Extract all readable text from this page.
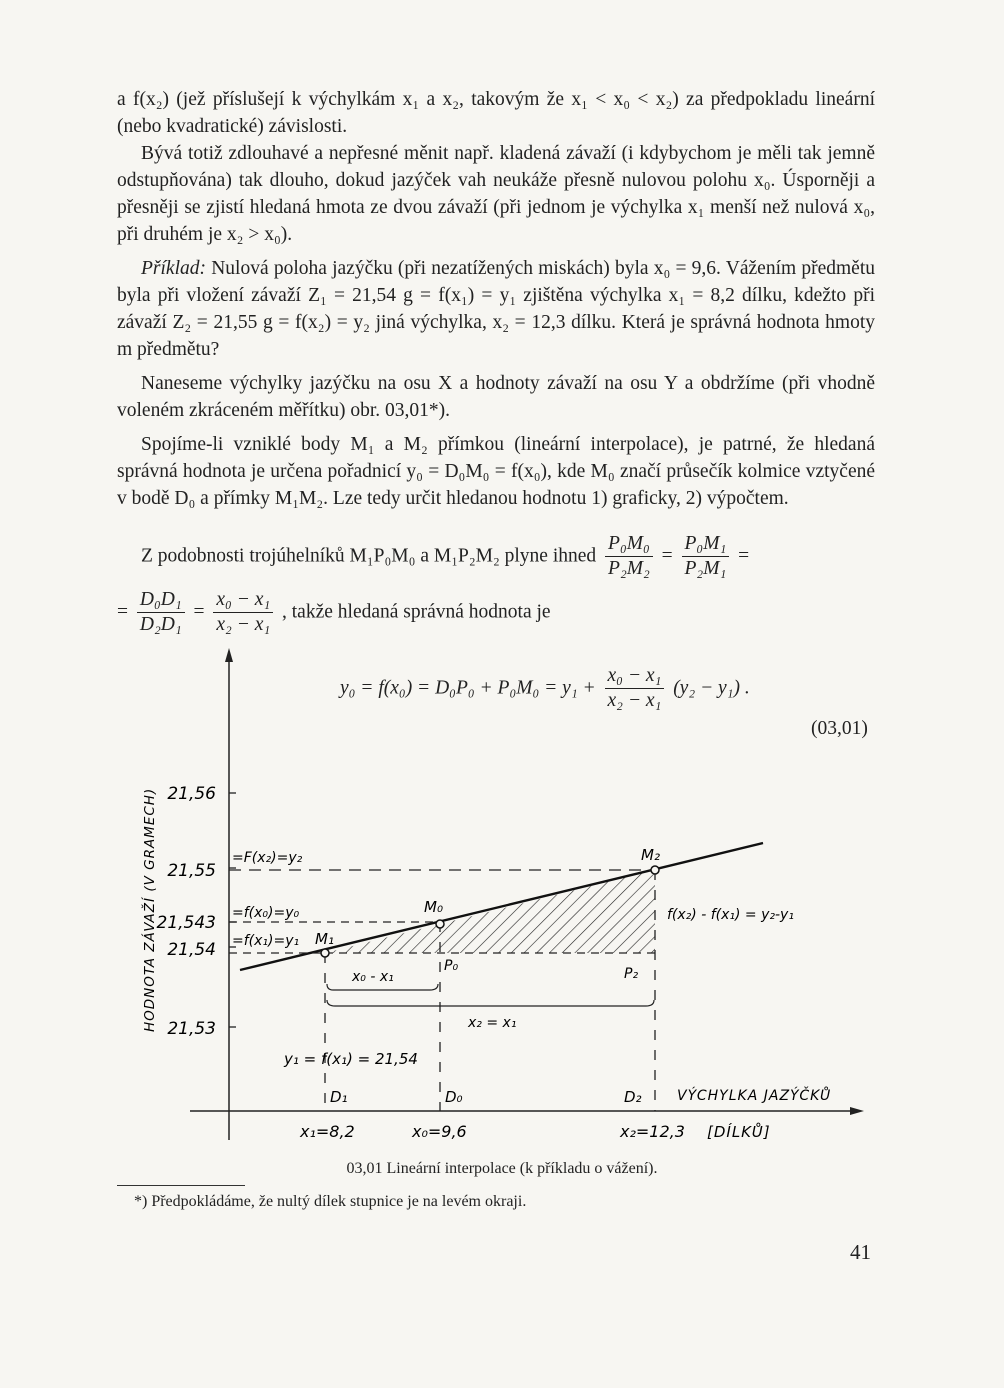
a f(x₂) (jež příslušejí k výchylkám x₁ a x₂, takovým že x₁ < x₀ < x₂) za předpokladu lineární (nebo kvadratické) závislosti.

Bývá totiž zdlouhavé a nepřesné měnit např. kladená závaží (i kdybychom je měli tak jemně odstupňována) tak dlouho, dokud jazýček vah neukáže přesně nulovou polohu x₀. Úsporněji a přesněji se zjistí hledaná hmota ze dvou závaží (při jednom je výchylka x₁ menší než nulová x₀, při druhém je x₂ > x₀).

Příklad: Nulová poloha jazýčku (při nezatížených miskách) byla x₀ = 9,6. Vážením předmětu byla při vložení závaží Z₁ = 21,54 g = f(x₁) = y₁ zjištěna výchylka x₁ = 8,2 dílku, kdežto při závaží Z₂ = 21,55 g = f(x₂) = y₂ jiná výchylka, x₂ = 12,3 dílku. Která je správná hodnota hmoty m předmětu?

Naneseme výchylky jazýčku na osu X a hodnoty závaží na osu Y a obdržíme (při vhodně voleném zkráceném měřítku) obr. 03,01*).

Spojíme-li vzniklé body M₁ a M₂ přímkou (lineární interpolace), je patrné, že hledaná správná hodnota je určena pořadnicí y₀ = D₀M₀ = f(x₀), kde M₀ značí průsečík kolmice vztyčené v bodě D₀ a přímky M₁M₂. Lze tedy určit hledanou hodnotu 1) graficky, 2) výpočtem.

Z podobnosti trojúhelníků M₁P₀M₀ a M₁P₂M₂ plyne ihned $\frac{\text{P₀M₀}}{\text{P₂M₂}} = \frac{\text{P₀M₁}}{\text{P₂M₁}}$ =
= $\frac{\text{D₀D₁}}{\text{D₂D₁}} = \frac{\text{x₀ − x₁}}{\text{x₂ − x₁}}$ , takže hledaná správná hodnota je
$y_0 = f(x_0) = D_0P_0 + P_0M_0 = y_1 + \frac{\text{x₀ − x₁}}{\text{x₂ − x₁}} (y_2 - y_1)$ .
(03,01)
21,56
21,55
21,543
21,54
21,53
HODNOTA ZÁVAŽÍ (V GRAMECH)	=F(x₂)=y₂
=f(x₀)=y₀
=f(x₁)=y₁ M₁
M₀
M₂
P₀	P₂
x₀ - x₁
x₂ = x₁
f(x₂) - f(x₁) = y₂-y₁
y₁ = f(x₁) = 21,54
D₁	D₀	D₂	VÝCHYLKA JAZÝČKŮ
[DÍLKŮ]
x₁=8,2	x₀=9,6	x₂=12,3
03,01 Lineární interpolace (k příkladu o vážení).
*) Předpokládáme, že nultý dílek stupnice je na levém okraji.
41
